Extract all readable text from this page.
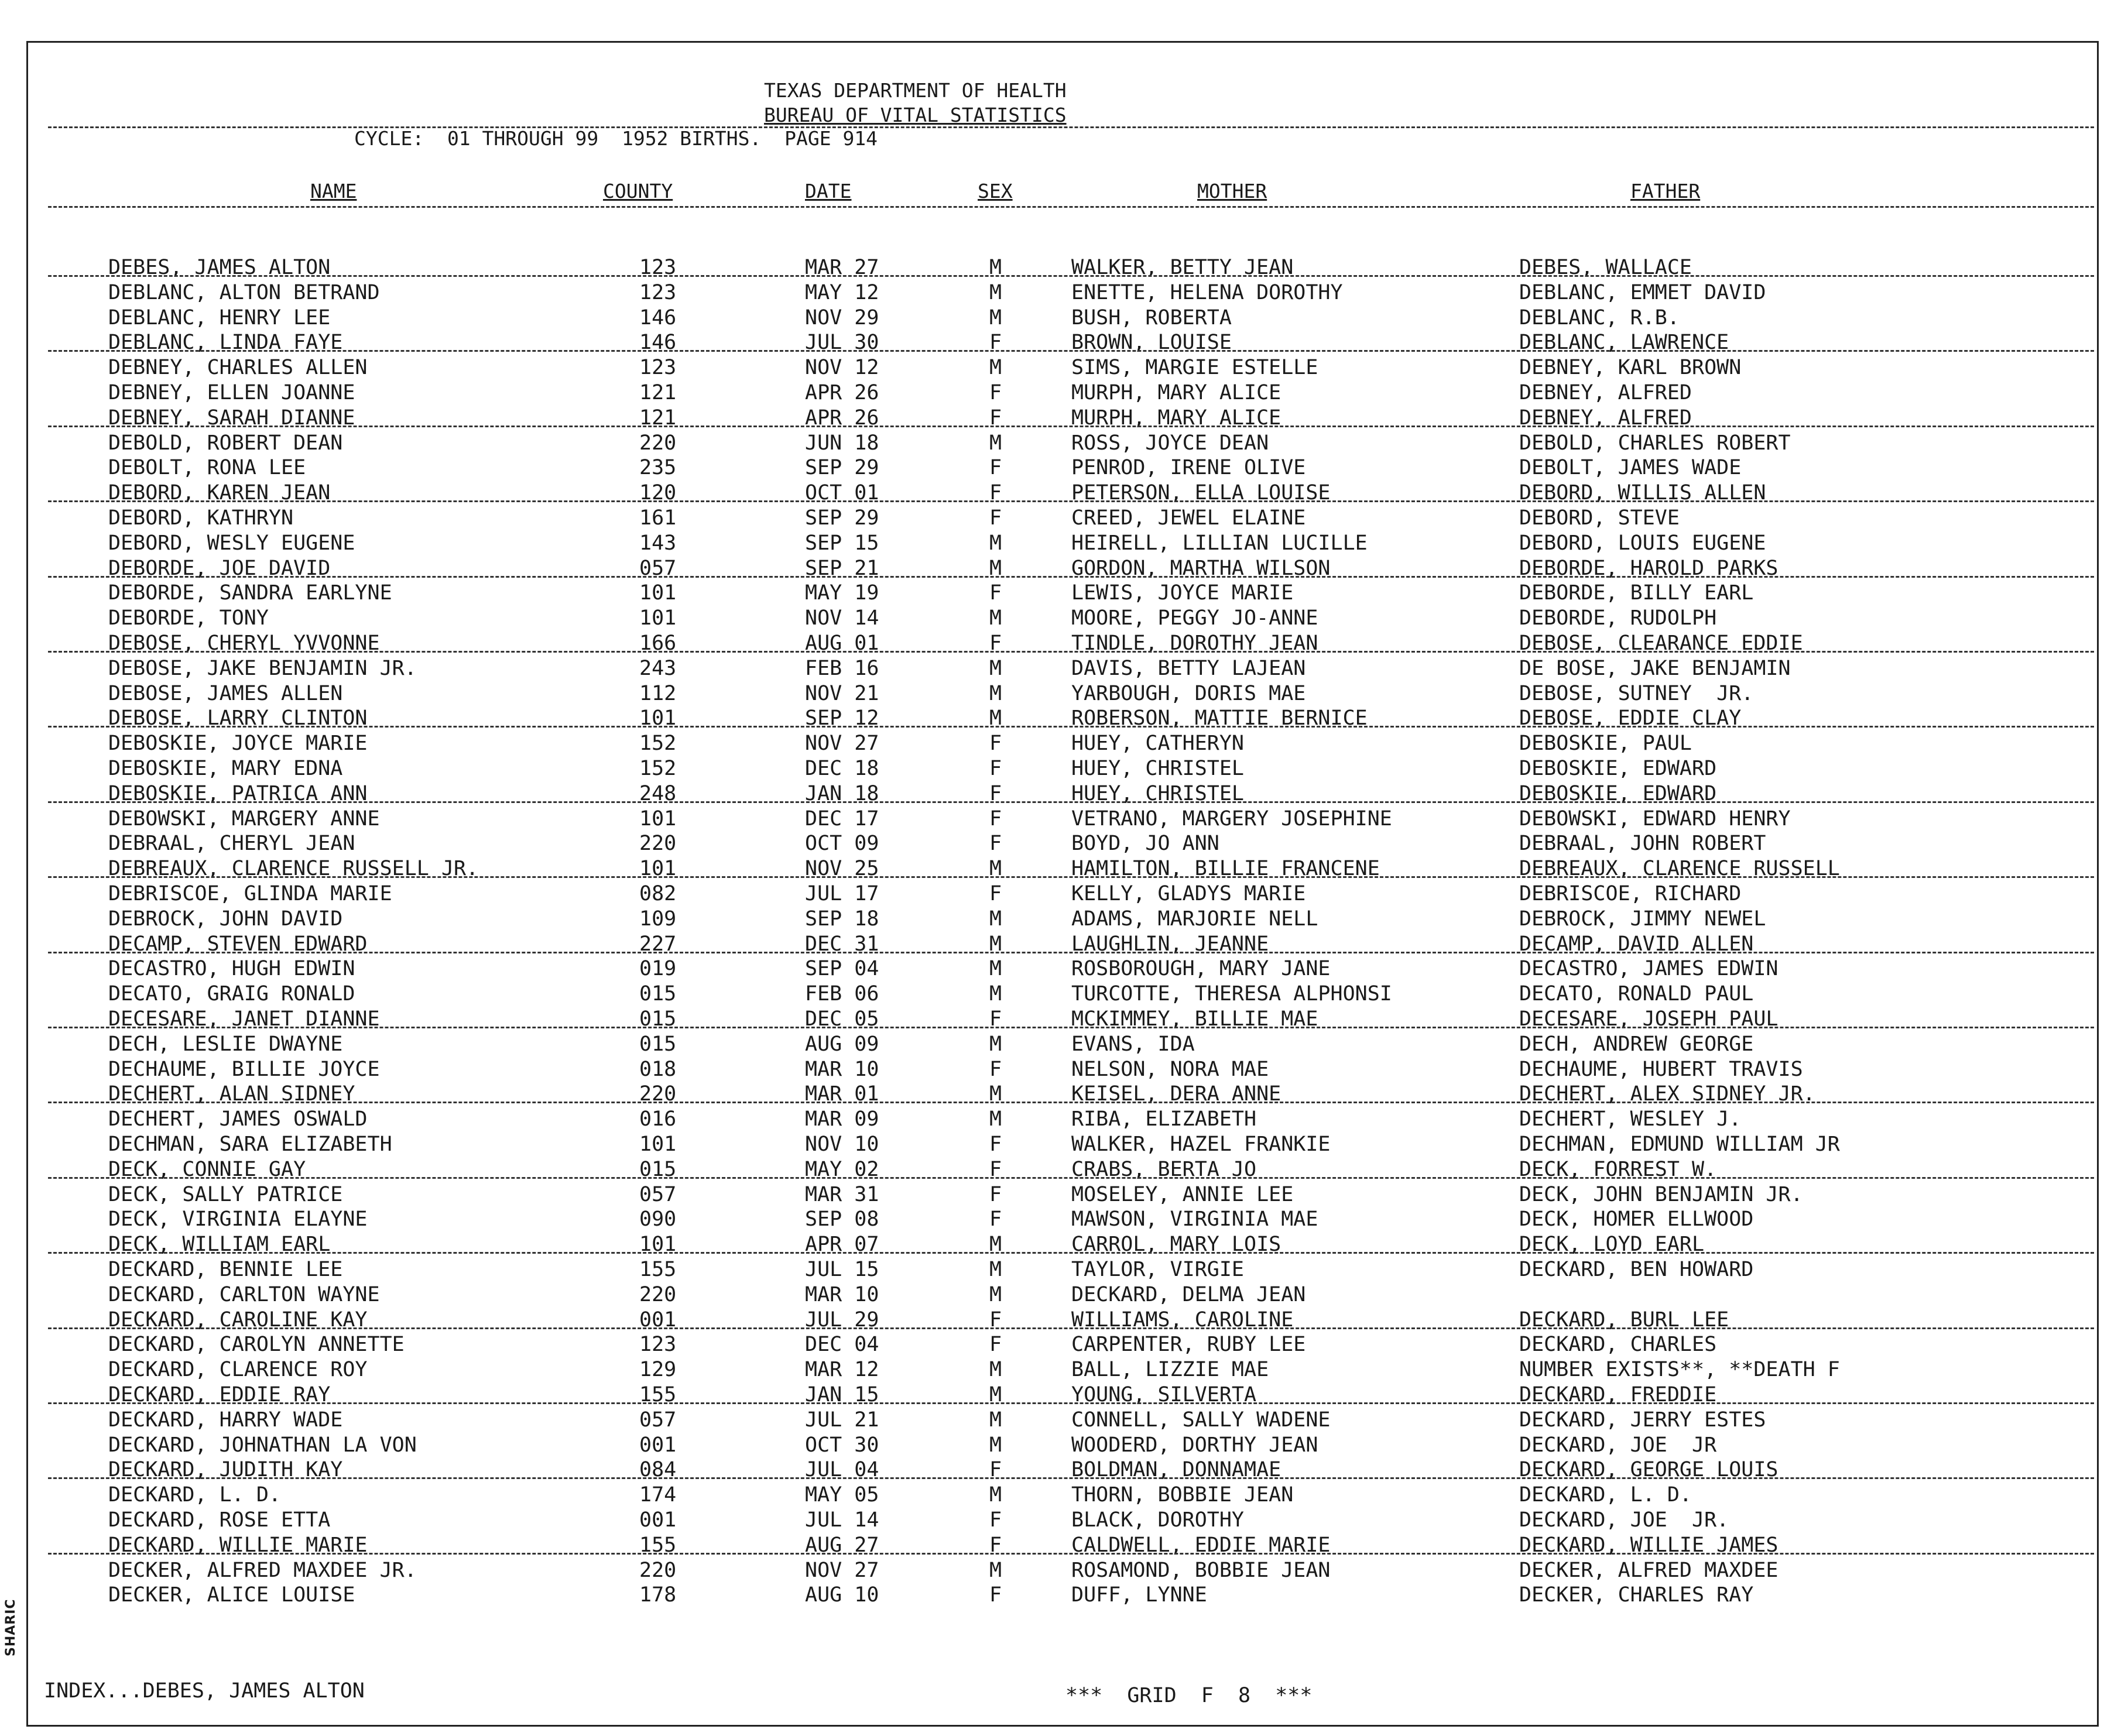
SHARIC
TEXAS DEPARTMENT OF HEALTH
BUREAU OF VITAL STATISTICS
CYCLE:  01 THROUGH 99  1952 BIRTHS.  PAGE 914
NAME	COUNTY	DATE	SEX	MOTHER	FATHER
DEBES, JAMES ALTON	123	MAR 27	M	WALKER, BETTY JEAN	DEBES, WALLACE
DEBLANC, ALTON BETRAND	123	MAY 12	M	ENETTE, HELENA DOROTHY	DEBLANC, EMMET DAVID
DEBLANC, HENRY LEE	146	NOV 29	M	BUSH, ROBERTA	DEBLANC, R.B.
DEBLANC, LINDA FAYE	146	JUL 30	F	BROWN, LOUISE	DEBLANC, LAWRENCE
DEBNEY, CHARLES ALLEN	123	NOV 12	M	SIMS, MARGIE ESTELLE	DEBNEY, KARL BROWN
DEBNEY, ELLEN JOANNE	121	APR 26	F	MURPH, MARY ALICE	DEBNEY, ALFRED
DEBNEY, SARAH DIANNE	121	APR 26	F	MURPH, MARY ALICE	DEBNEY, ALFRED
DEBOLD, ROBERT DEAN	220	JUN 18	M	ROSS, JOYCE DEAN	DEBOLD, CHARLES ROBERT
DEBOLT, RONA LEE	235	SEP 29	F	PENROD, IRENE OLIVE	DEBOLT, JAMES WADE
DEBORD, KAREN JEAN	120	OCT 01	F	PETERSON, ELLA LOUISE	DEBORD, WILLIS ALLEN
DEBORD, KATHRYN	161	SEP 29	F	CREED, JEWEL ELAINE	DEBORD, STEVE
DEBORD, WESLY EUGENE	143	SEP 15	M	HEIRELL, LILLIAN LUCILLE	DEBORD, LOUIS EUGENE
DEBORDE, JOE DAVID	057	SEP 21	M	GORDON, MARTHA WILSON	DEBORDE, HAROLD PARKS
DEBORDE, SANDRA EARLYNE	101	MAY 19	F	LEWIS, JOYCE MARIE	DEBORDE, BILLY EARL
DEBORDE, TONY	101	NOV 14	M	MOORE, PEGGY JO-ANNE	DEBORDE, RUDOLPH
DEBOSE, CHERYL YVVONNE	166	AUG 01	F	TINDLE, DOROTHY JEAN	DEBOSE, CLEARANCE EDDIE
DEBOSE, JAKE BENJAMIN JR.	243	FEB 16	M	DAVIS, BETTY LAJEAN	DE BOSE, JAKE BENJAMIN
DEBOSE, JAMES ALLEN	112	NOV 21	M	YARBOUGH, DORIS MAE	DEBOSE, SUTNEY  JR.
DEBOSE, LARRY CLINTON	101	SEP 12	M	ROBERSON, MATTIE BERNICE	DEBOSE, EDDIE CLAY
DEBOSKIE, JOYCE MARIE	152	NOV 27	F	HUEY, CATHERYN	DEBOSKIE, PAUL
DEBOSKIE, MARY EDNA	152	DEC 18	F	HUEY, CHRISTEL	DEBOSKIE, EDWARD
DEBOSKIE, PATRICA ANN	248	JAN 18	F	HUEY, CHRISTEL	DEBOSKIE, EDWARD
DEBOWSKI, MARGERY ANNE	101	DEC 17	F	VETRANO, MARGERY JOSEPHINE	DEBOWSKI, EDWARD HENRY
DEBRAAL, CHERYL JEAN	220	OCT 09	F	BOYD, JO ANN	DEBRAAL, JOHN ROBERT
DEBREAUX, CLARENCE RUSSELL JR.	101	NOV 25	M	HAMILTON, BILLIE FRANCENE	DEBREAUX, CLARENCE RUSSELL
DEBRISCOE, GLINDA MARIE	082	JUL 17	F	KELLY, GLADYS MARIE	DEBRISCOE, RICHARD
DEBROCK, JOHN DAVID	109	SEP 18	M	ADAMS, MARJORIE NELL	DEBROCK, JIMMY NEWEL
DECAMP, STEVEN EDWARD	227	DEC 31	M	LAUGHLIN, JEANNE	DECAMP, DAVID ALLEN
DECASTRO, HUGH EDWIN	019	SEP 04	M	ROSBOROUGH, MARY JANE	DECASTRO, JAMES EDWIN
DECATO, GRAIG RONALD	015	FEB 06	M	TURCOTTE, THERESA ALPHONSI	DECATO, RONALD PAUL
DECESARE, JANET DIANNE	015	DEC 05	F	MCKIMMEY, BILLIE MAE	DECESARE, JOSEPH PAUL
DECH, LESLIE DWAYNE	015	AUG 09	M	EVANS, IDA	DECH, ANDREW GEORGE
DECHAUME, BILLIE JOYCE	018	MAR 10	F	NELSON, NORA MAE	DECHAUME, HUBERT TRAVIS
DECHERT, ALAN SIDNEY	220	MAR 01	M	KEISEL, DERA ANNE	DECHERT, ALEX SIDNEY JR.
DECHERT, JAMES OSWALD	016	MAR 09	M	RIBA, ELIZABETH	DECHERT, WESLEY J.
DECHMAN, SARA ELIZABETH	101	NOV 10	F	WALKER, HAZEL FRANKIE	DECHMAN, EDMUND WILLIAM JR
DECK, CONNIE GAY	015	MAY 02	F	CRABS, BERTA JO	DECK, FORREST W.
DECK, SALLY PATRICE	057	MAR 31	F	MOSELEY, ANNIE LEE	DECK, JOHN BENJAMIN JR.
DECK, VIRGINIA ELAYNE	090	SEP 08	F	MAWSON, VIRGINIA MAE	DECK, HOMER ELLWOOD
DECK, WILLIAM EARL	101	APR 07	M	CARROL, MARY LOIS	DECK, LOYD EARL
DECKARD, BENNIE LEE	155	JUL 15	M	TAYLOR, VIRGIE	DECKARD, BEN HOWARD
DECKARD, CARLTON WAYNE	220	MAR 10	M	DECKARD, DELMA JEAN
DECKARD, CAROLINE KAY	001	JUL 29	F	WILLIAMS, CAROLINE	DECKARD, BURL LEE
DECKARD, CAROLYN ANNETTE	123	DEC 04	F	CARPENTER, RUBY LEE	DECKARD, CHARLES
DECKARD, CLARENCE ROY	129	MAR 12	M	BALL, LIZZIE MAE	NUMBER EXISTS**, **DEATH F
DECKARD, EDDIE RAY	155	JAN 15	M	YOUNG, SILVERTA	DECKARD, FREDDIE
DECKARD, HARRY WADE	057	JUL 21	M	CONNELL, SALLY WADENE	DECKARD, JERRY ESTES
DECKARD, JOHNATHAN LA VON	001	OCT 30	M	WOODERD, DORTHY JEAN	DECKARD, JOE  JR
DECKARD, JUDITH KAY	084	JUL 04	F	BOLDMAN, DONNAMAE	DECKARD, GEORGE LOUIS
DECKARD, L. D.	174	MAY 05	M	THORN, BOBBIE JEAN	DECKARD, L. D.
DECKARD, ROSE ETTA	001	JUL 14	F	BLACK, DOROTHY	DECKARD, JOE  JR.
DECKARD, WILLIE MARIE	155	AUG 27	F	CALDWELL, EDDIE MARIE	DECKARD, WILLIE JAMES
DECKER, ALFRED MAXDEE JR.	220	NOV 27	M	ROSAMOND, BOBBIE JEAN	DECKER, ALFRED MAXDEE
DECKER, ALICE LOUISE	178	AUG 10	F	DUFF, LYNNE	DECKER, CHARLES RAY
INDEX...DEBES, JAMES ALTON	***  GRID  F  8  ***
